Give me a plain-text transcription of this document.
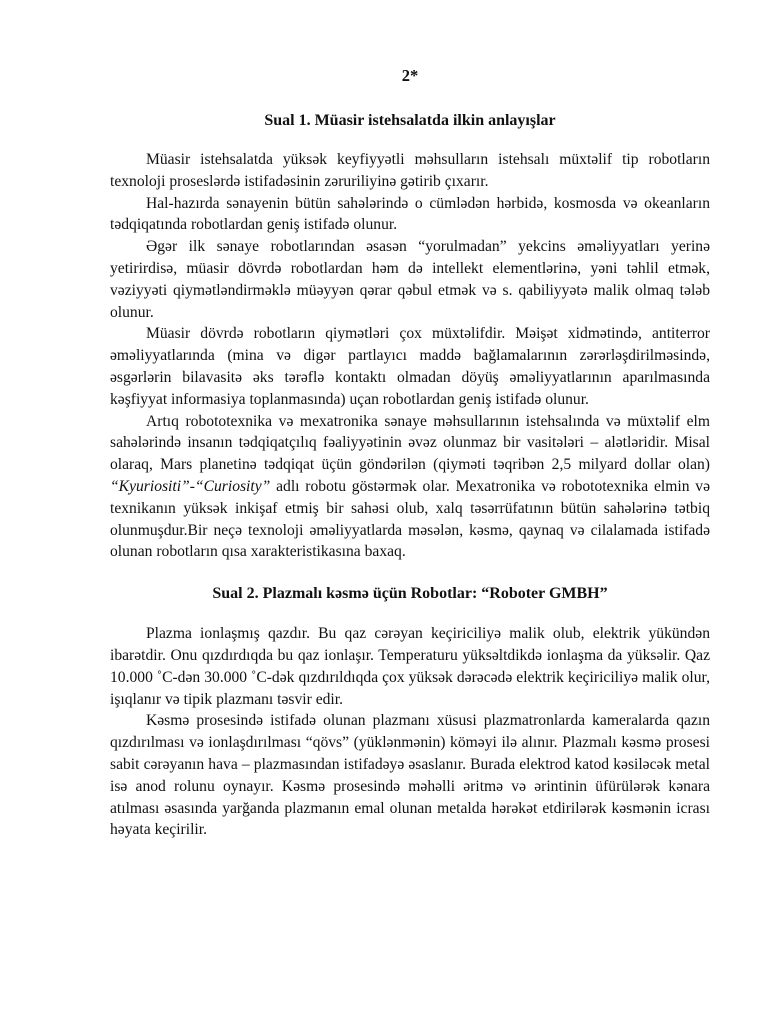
2*
Sual 1. Müasir istehsalatda ilkin anlayışlar

Müasir istehsalatda yüksək keyfiyyətli məhsulların istehsalı müxtəlif tip robotların texnoloji proseslərdə istifadəsinin zəruriliyinə gətirib çıxarır.

Hal-hazırda sənayenin bütün sahələrində o cümlədən hərbidə, kosmosda və okeanların tədqiqatında robotlardan geniş istifadə olunur.

Əgər ilk sənaye robotlarından əsasən “yorulmadan” yekcins əməliyyatları yerinə yetirirdisə, müasir dövrdə robotlardan həm də intellekt elementlərinə, yəni təhlil etmək, vəziyyəti qiymətləndirməklə müəyyən qərar qəbul etmək və s. qabiliyyətə malik olmaq tələb olunur.

Müasir dövrdə robotların qiymətləri çox müxtəlifdir. Məişət xidmətində, antiterror əməliyyatlarında (mina və digər partlayıcı maddə bağlamalarının zərərləşdirilməsində, əsgərlərin bilavasitə əks tərəflə kontaktı olmadan döyüş əməliyyatlarının aparılmasında kəşfiyyat informasiya toplanmasında) uçan robotlardan geniş istifadə olunur.

Artıq robototexnika və mexatronika sənaye məhsullarının istehsalında və müxtəlif elm sahələrində insanın tədqiqatçılıq fəaliyyətinin əvəz olunmaz bir vasitələri – alətləridir. Misal olaraq, Mars planetinə tədqiqat üçün göndərilən (qiyməti təqribən 2,5 milyard dollar olan) “Kyuriositi”-“Curiosity” adlı robotu göstərmək olar. Mexatronika və robototexnika elmin və texnikanın yüksək inkişaf etmiş bir sahəsi olub, xalq təsərrüfatının bütün sahələrinə tətbiq olunmuşdur.Bir neçə texnoloji əməliyyatlarda məsələn, kəsmə, qaynaq və cilalamada istifadə olunan robotların qısa xarakteristikasına baxaq.

Sual 2. Plazmalı kəsmə üçün Robotlar: “Roboter GMBH”

Plazma ionlaşmış qazdır. Bu qaz cərəyan keçiriciliyə malik olub, elektrik yükündən ibarətdir. Onu qızdırdıqda bu qaz ionlaşır. Temperaturu yüksəltdikdə ionlaşma da yüksəlir. Qaz 10.000 ˚C-dən 30.000 ˚C-dək qızdırıldıqda çox yüksək dərəcədə elektrik keçiriciliyə malik olur, işıqlanır və tipik plazmanı təsvir edir.

Kəsmə prosesində istifadə olunan plazmanı xüsusi plazmatronlarda kameralarda qazın qızdırılması və ionlaşdırılması “qövs” (yüklənmənin) köməyi ilə alınır. Plazmalı kəsmə prosesi sabit cərəyanın hava – plazmasından istifadəyə əsaslanır. Burada elektrod katod kəsiləcək metal isə anod rolunu oynayır. Kəsmə prosesində məhəlli əritmə və ərintinin üfürülərək kənara atılması əsasında yarğanda plazmanın emal olunan metalda hərəkət etdirilərək kəsmənin icrası həyata keçirilir.
